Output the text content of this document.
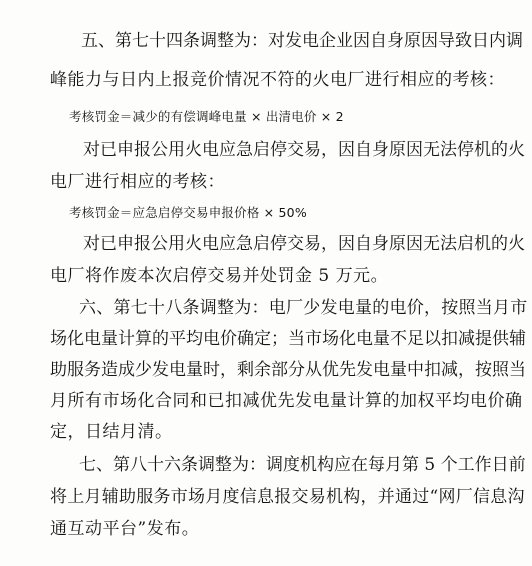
五、第七十四条调整为：对发电企业因自身原因导致日内调

峰能力与日内上报竞价情况不符的火电厂进行相应的考核：

考核罚金＝减少的有偿调峰电量 × 出清电价 × 2

对已申报公用火电应急启停交易，因自身原因无法停机的火

电厂进行相应的考核：

考核罚金＝应急启停交易申报价格 × 50%

对已申报公用火电应急启停交易，因自身原因无法启机的火

电厂将作废本次启停交易并处罚金 5 万元。

六、第七十八条调整为：电厂少发电量的电价，按照当月市

场化电量计算的平均电价确定；当市场化电量不足以扣减提供辅

助服务造成少发电量时，剩余部分从优先发电量中扣减，按照当

月所有市场化合同和已扣减优先发电量计算的加权平均电价确

定，日结月清。

七、第八十六条调整为：调度机构应在每月第 5 个工作日前

将上月辅助服务市场月度信息报交易机构，并通过“网厂信息沟

通互动平台”发布。
